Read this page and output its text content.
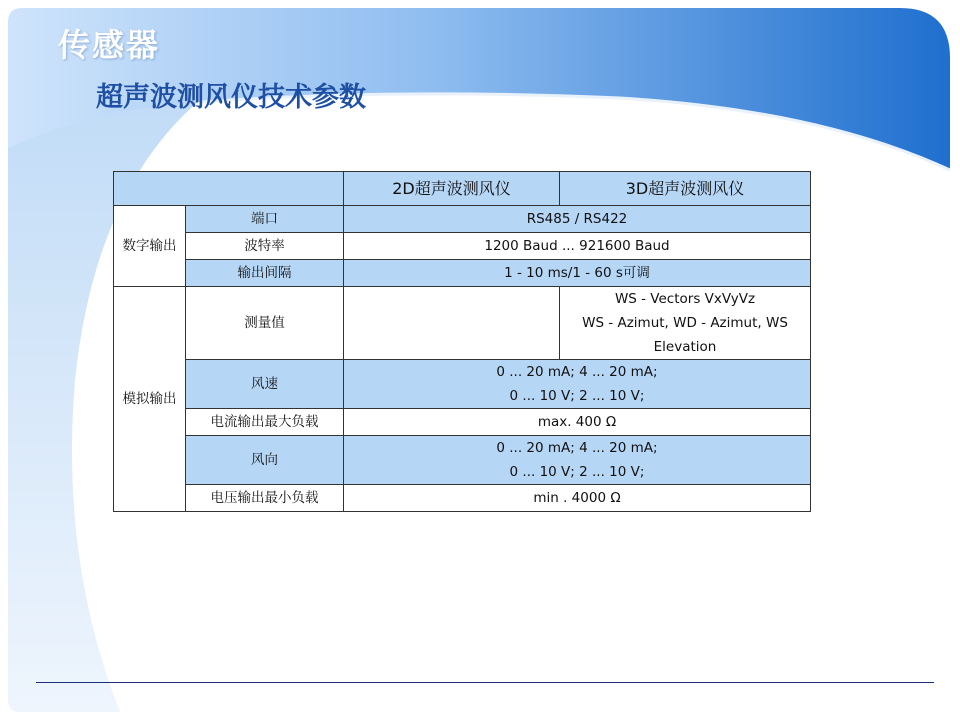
传感器
超声波测风仪技术参数
		2D超声波测风仪	3D超声波测风仪
数字输出	端口	RS485 / RS422	
	波特率	1200 Baud ... 921600 Baud	
	输出间隔	1 - 10 ms/1 - 60 s可调	
模拟输出	测量值		WS - Vectors VxVyVz
WS - Azimut, WD - Azimut, WS
Elevation

	风速	0 ... 20 mA; 4 ... 20 mA;
0 ... 10 V; 2 ... 10 V;	

	电流输出最大负载	max. 400 Ω	
	风向	0 ... 20 mA; 4 ... 20 mA;
0 ... 10 V; 2 ... 10 V;	

	电压输出最小负载	min . 4000 Ω	
